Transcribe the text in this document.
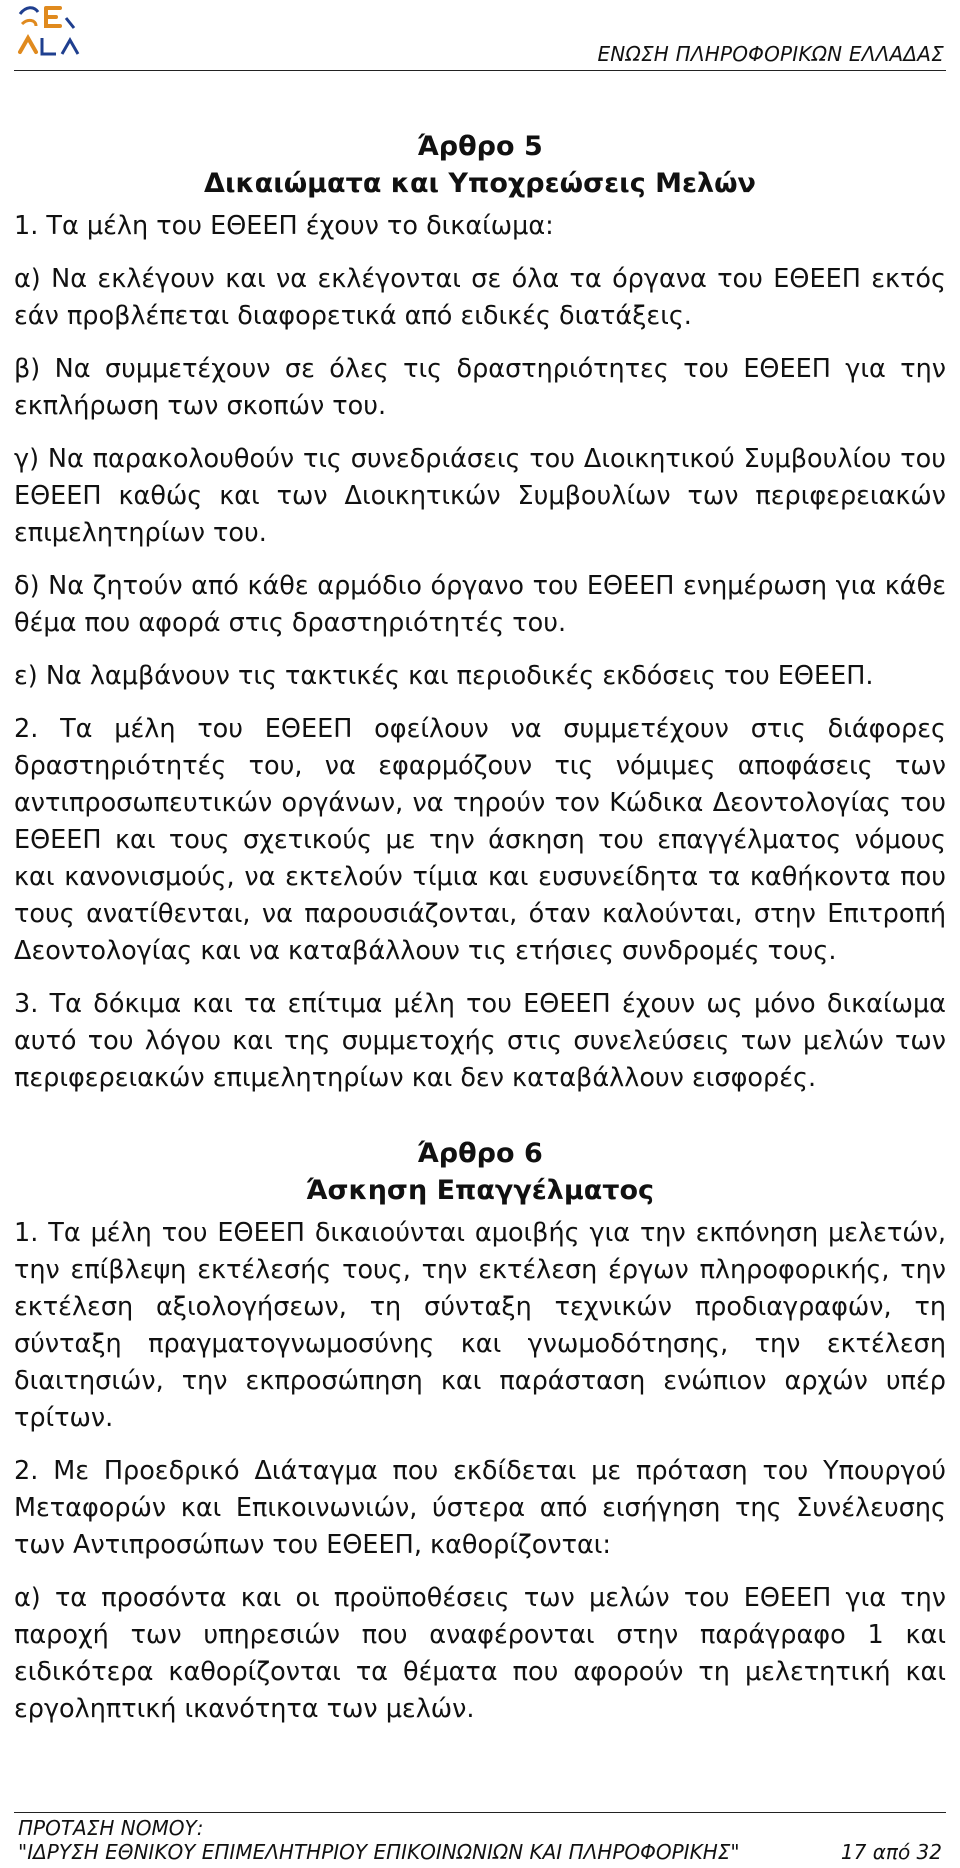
ΕΝΩΣΗ ΠΛΗΡΟΦΟΡΙΚΩΝ ΕΛΛΑΔΑΣ
Άρθρο 5
Δικαιώματα και Υποχρεώσεις Μελών

1. Τα μέλη του ΕΘΕΕΠ έχουν το δικαίωμα:

α) Να εκλέγουν και να εκλέγονται σε όλα τα όργανα του ΕΘΕΕΠ εκτός εάν προβλέπεται διαφορετικά από ειδικές διατάξεις.

β) Να συμμετέχουν σε όλες τις δραστηριότητες του ΕΘΕΕΠ για την εκπλήρωση των σκοπών του.

γ) Να παρακολουθούν τις συνεδριάσεις του Διοικητικού Συμβουλίου του ΕΘΕΕΠ καθώς και των Διοικητικών Συμβουλίων των περιφερειακών επιμελητηρίων του.

δ) Να ζητούν από κάθε αρμόδιο όργανο του ΕΘΕΕΠ ενημέρωση για κάθε θέμα που αφορά στις δραστηριότητές του.

ε) Να λαμβάνουν τις τακτικές και περιοδικές εκδόσεις του ΕΘΕΕΠ.

2. Τα μέλη του ΕΘΕΕΠ οφείλουν να συμμετέχουν στις διάφορες δραστηριότητές του, να εφαρμόζουν τις νόμιμες αποφάσεις των αντιπροσωπευτικών οργάνων, να τηρούν τον Κώδικα Δεοντολογίας του ΕΘΕΕΠ και τους σχετικούς με την άσκηση του επαγγέλματος νόμους και κανονισμούς, να εκτελούν τίμια και ευσυνείδητα τα καθήκοντα που τους ανατίθενται, να παρουσιάζονται, όταν καλούνται, στην Επιτροπή Δεοντολογίας και να καταβάλλουν τις ετήσιες συνδρομές τους.

3. Τα δόκιμα και τα επίτιμα μέλη του ΕΘΕΕΠ έχουν ως μόνο δικαίωμα αυτό του λόγου και της συμμετοχής στις συνελεύσεις των μελών των περιφερειακών επιμελητηρίων και δεν καταβάλλουν εισφορές.

Άρθρο 6
Άσκηση Επαγγέλματος

1. Τα μέλη του ΕΘΕΕΠ δικαιούνται αμοιβής για την εκπόνηση μελετών, την επίβλεψη εκτέλεσής τους, την εκτέλεση έργων πληροφορικής, την εκτέλεση αξιολογήσεων, τη σύνταξη τεχνικών προδιαγραφών, τη σύνταξη πραγματογνωμοσύνης και γνωμοδότησης, την εκτέλεση διαιτησιών, την εκπροσώπηση και παράσταση ενώπιον αρχών υπέρ τρίτων.

2. Με Προεδρικό Διάταγμα που εκδίδεται με πρόταση του Υπουργού Μεταφορών και Επικοινωνιών, ύστερα από εισήγηση της Συνέλευσης των Αντιπροσώπων του ΕΘΕΕΠ, καθορίζονται:

α) τα προσόντα και οι προϋποθέσεις των μελών του ΕΘΕΕΠ για την παροχή των υπηρεσιών που αναφέρονται στην παράγραφο 1 και ειδικότερα καθορίζονται τα θέματα που αφορούν τη μελετητική και εργοληπτική ικανότητα των μελών.

ΠΡΟΤΑΣΗ ΝΟΜΟΥ:
"ΙΔΡΥΣΗ ΕΘΝΙΚΟΥ ΕΠΙΜΕΛΗΤΗΡΙΟΥ ΕΠΙΚΟΙΝΩΝΙΩΝ ΚΑΙ ΠΛΗΡΟΦΟΡΙΚΗΣ"	17 από 32
